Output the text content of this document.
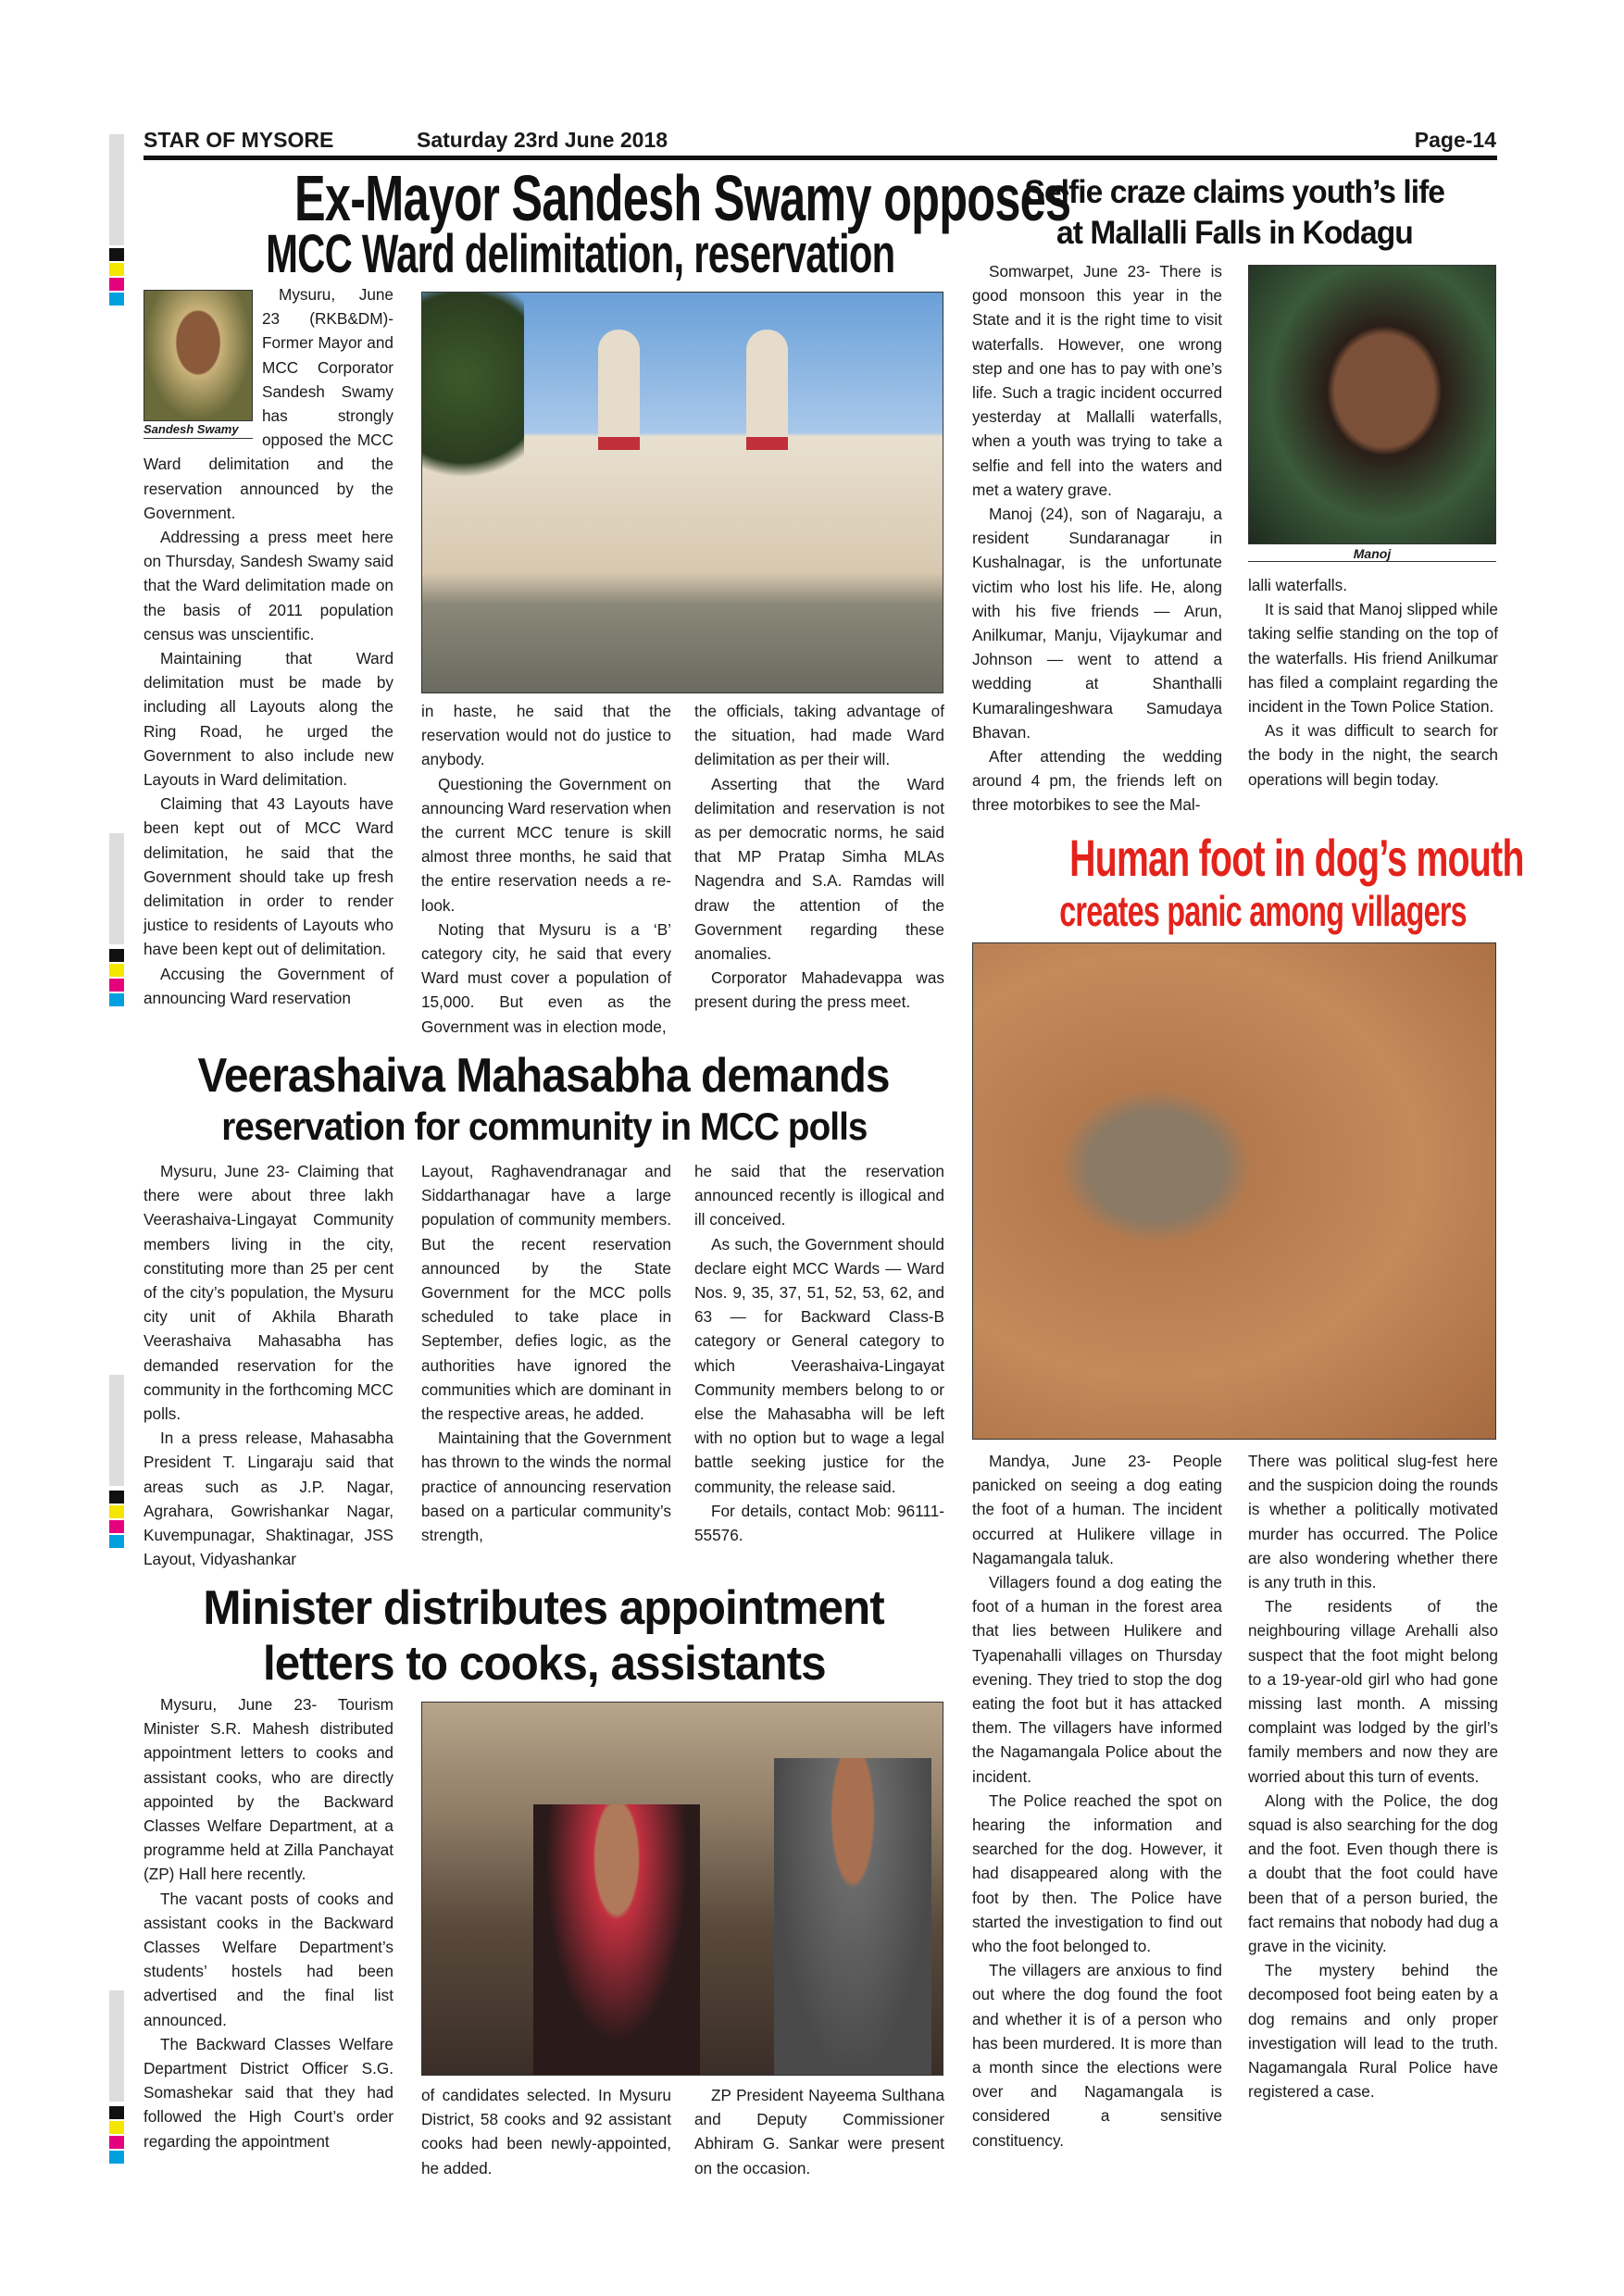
STAR OF MYSORE	Saturday 23rd June 2018	Page-14
Ex-Mayor Sandesh Swamy opposes
MCC Ward delimitation, reservation
Sandesh Swamy

Mysuru, June 23 (RKB&DM)- Former Mayor and MCC Corporator Sandesh Swamy has strongly opposed the MCC Ward delimitation and the reservation announced by the Government.

Addressing a press meet here on Thursday, Sandesh Swamy said that the Ward delimitation made on the basis of 2011 population census was unscientific.

Maintaining that Ward delimitation must be made by including all Layouts along the Ring Road, he urged the Government to also include new Layouts in Ward delimitation.

Claiming that 43 Layouts have been kept out of MCC Ward delimitation, he said that the Government should take up fresh delimitation in order to render justice to residents of Layouts who have been kept out of delimitation.

Accusing the Government of announcing Ward reservation

in haste, he said that the reservation would not do justice to anybody.

Questioning the Government on announcing Ward reservation when the current MCC tenure is skill almost three months, he said that the entire reservation needs a re-look.

Noting that Mysuru is a ‘B’ category city, he said that every Ward must cover a population of 15,000. But even as the Government was in election mode,

the officials, taking advantage of the situation, had made Ward delimitation as per their will.

Asserting that the Ward delimitation and reservation is not as per democratic norms, he said that MP Pratap Simha MLAs Nagendra and S.A. Ramdas will draw the attention of the Government regarding these anomalies.

Corporator Mahadevappa was present during the press meet.

Veerashaiva Mahasabha demands
reservation for community in MCC polls

Mysuru, June 23- Claiming that there were about three lakh Veerashaiva-Lingayat Community members living in the city, constituting more than 25 per cent of the city’s population, the Mysuru city unit of Akhila Bharath Veerashaiva Mahasabha has demanded reservation for the community in the forthcoming MCC polls.

In a press release, Mahasabha President T. Lingaraju said that areas such as J.P. Nagar, Agrahara, Gowrishankar Nagar, Kuvempunagar, Shaktinagar, JSS Layout, Vidyashankar

Layout, Raghavendranagar and Siddarthanagar have a large population of community members. But the recent reservation announced by the State Government for the MCC polls scheduled to take place in September, defies logic, as the authorities have ignored the communities which are dominant in the respective areas, he added.

Maintaining that the Government has thrown to the winds the normal practice of announcing reservation based on a particular community’s strength,

he said that the reservation announced recently is illogical and ill conceived.

As such, the Government should declare eight MCC Wards — Ward Nos. 9, 35, 37, 51, 52, 53, 62, and 63 — for Backward Class-B category or General category to which Veerashaiva-Lingayat Community members belong to or else the Mahasabha will be left with no option but to wage a legal battle seeking justice for the community, the release said.

For details, contact Mob: 96111-55576.

Minister distributes appointment
letters to cooks, assistants

Mysuru, June 23- Tourism Minister S.R. Mahesh distributed appointment letters to cooks and assistant cooks, who are directly appointed by the Backward Classes Welfare Department, at a programme held at Zilla Panchayat (ZP) Hall here recently.

The vacant posts of cooks and assistant cooks in the Backward Classes Welfare Department’s students’ hostels had been advertised and the final list announced.

The Backward Classes Welfare Department District Officer S.G. Somashekar said that they had followed the High Court’s order regarding the appointment

of candidates selected. In Mysuru District, 58 cooks and 92 assistant cooks had been newly-appointed, he added.

ZP President Nayeema Sulthana and Deputy Commissioner Abhiram G. Sankar were present on the occasion.

Selfie craze claims youth’s life
at Mallalli Falls in Kodagu

Somwarpet, June 23- There is good monsoon this year in the State and it is the right time to visit waterfalls. However, one wrong step and one has to pay with one’s life. Such a tragic incident occurred yesterday at Mallalli waterfalls, when a youth was trying to take a selfie and fell into the waters and met a watery grave.

Manoj (24), son of Nagaraju, a resident Sundaranagar in Kushalnagar, is the unfortunate victim who lost his life. He, along with his five friends — Arun, Anilkumar, Manju, Vijaykumar and Johnson — went to attend a wedding at Shanthalli Kumaralingeshwara Samudaya Bhavan.

After attending the wedding around 4 pm, the friends left on three motorbikes to see the Mal-

Manoj

lalli waterfalls.

It is said that Manoj slipped while taking selfie standing on the top of the waterfalls. His friend Anilkumar has filed a complaint regarding the incident in the Town Police Station.

As it was difficult to search for the body in the night, the search operations will begin today.

Human foot in dog’s mouth
creates panic among villagers

Mandya, June 23- People panicked on seeing a dog eating the foot of a human. The incident occurred at Hulikere village in Nagamangala taluk.

Villagers found a dog eating the foot of a human in the forest area that lies between Hulikere and Tyapenahalli villages on Thursday evening. They tried to stop the dog eating the foot but it has attacked them. The villagers have informed the Nagamangala Police about the incident.

The Police reached the spot on hearing the information and searched for the dog. However, it had disappeared along with the foot by then. The Police have started the investigation to find out who the foot belonged to.

The villagers are anxious to find out where the dog found the foot and whether it is of a person who has been murdered. It is more than a month since the elections were over and Nagamangala is considered a sensitive constituency.

There was political slug-fest here and the suspicion doing the rounds is whether a politically motivated murder has occurred. The Police are also wondering whether there is any truth in this.

The residents of the neighbouring village Arehalli also suspect that the foot might belong to a 19-year-old girl who had gone missing last month. A missing complaint was lodged by the girl’s family members and now they are worried about this turn of events.

Along with the Police, the dog squad is also searching for the dog and the foot. Even though there is a doubt that the foot could have been that of a person buried, the fact remains that nobody had dug a grave in the vicinity.

The mystery behind the decomposed foot being eaten by a dog remains and only proper investigation will lead to the truth. Nagamangala Rural Police have registered a case.
